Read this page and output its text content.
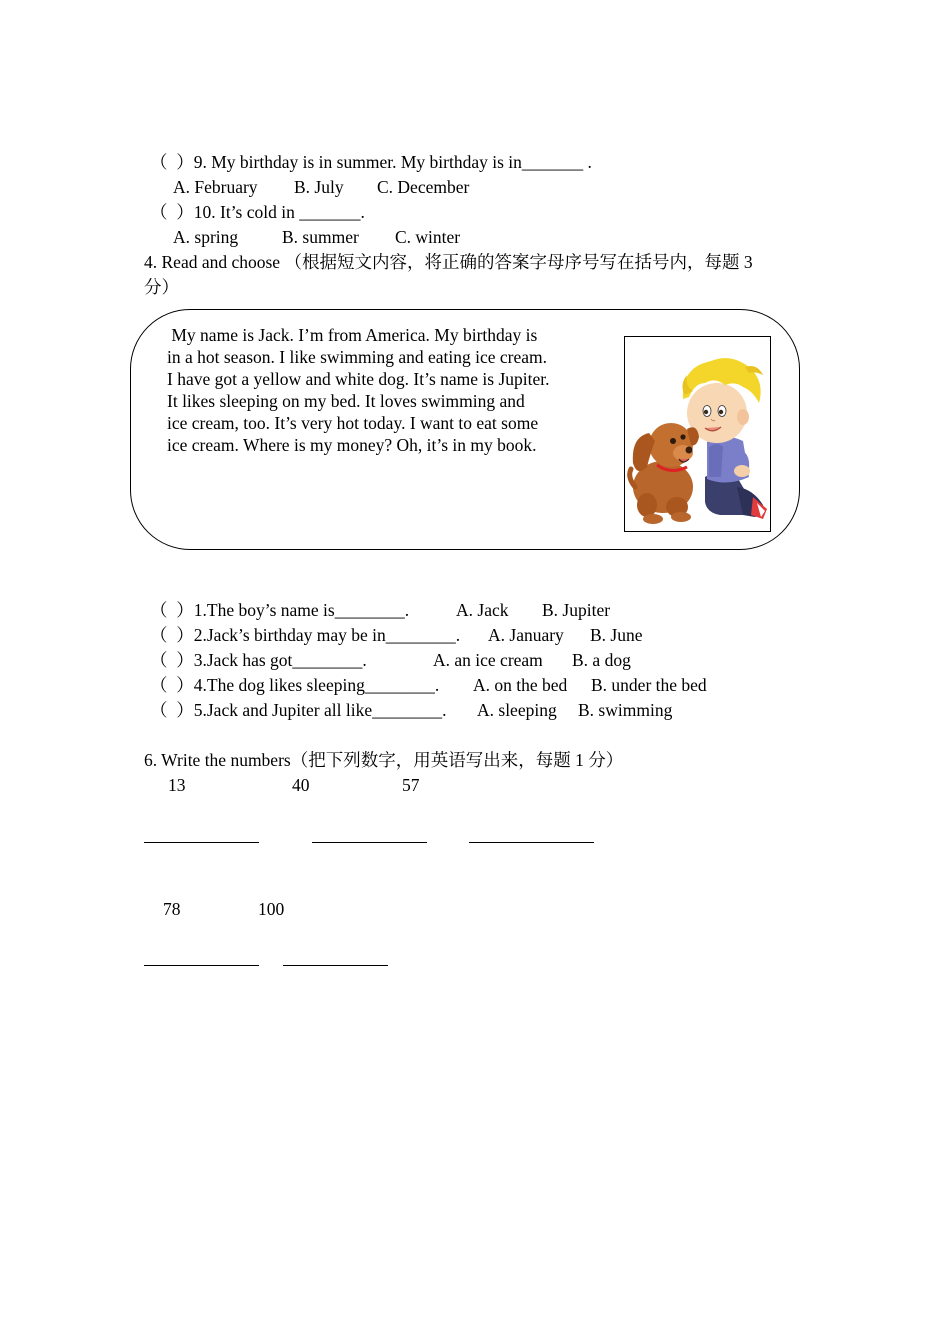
（  ）9. My birthday is in summer. My birthday is in_______ .
A. February B. July C. December
（  ）10. It’s cold in _______.
A. spring	B. summer C. winter
4. Read and choose （根据短文内容，将正确的答案字母序号写在括号内，每题 3
分）
My name is Jack. I’m from America. My birthday is
in a hot season. I like swimming and eating ice cream.
I have got a yellow and white dog. It’s name is Jupiter.
It likes sleeping on my bed. It loves swimming and
ice cream, too. It’s very hot today. I want to eat some
ice cream. Where is my money? Oh, it’s in my book.
（  ）1.The boy’s name is________.	A. Jack B. Jupiter
（  ）2.Jack’s birthday may be in________. A. January B. June
（  ）3.Jack has got________.	A. an ice cream B. a dog
（  ）4.The dog likes sleeping________. A. on the bed B. under the bed
（  ）5.Jack and Jupiter all like________. A. sleeping B. swimming
6. Write the numbers（把下列数字，用英语写出来，每题 1 分）
13	40	57
78	100
